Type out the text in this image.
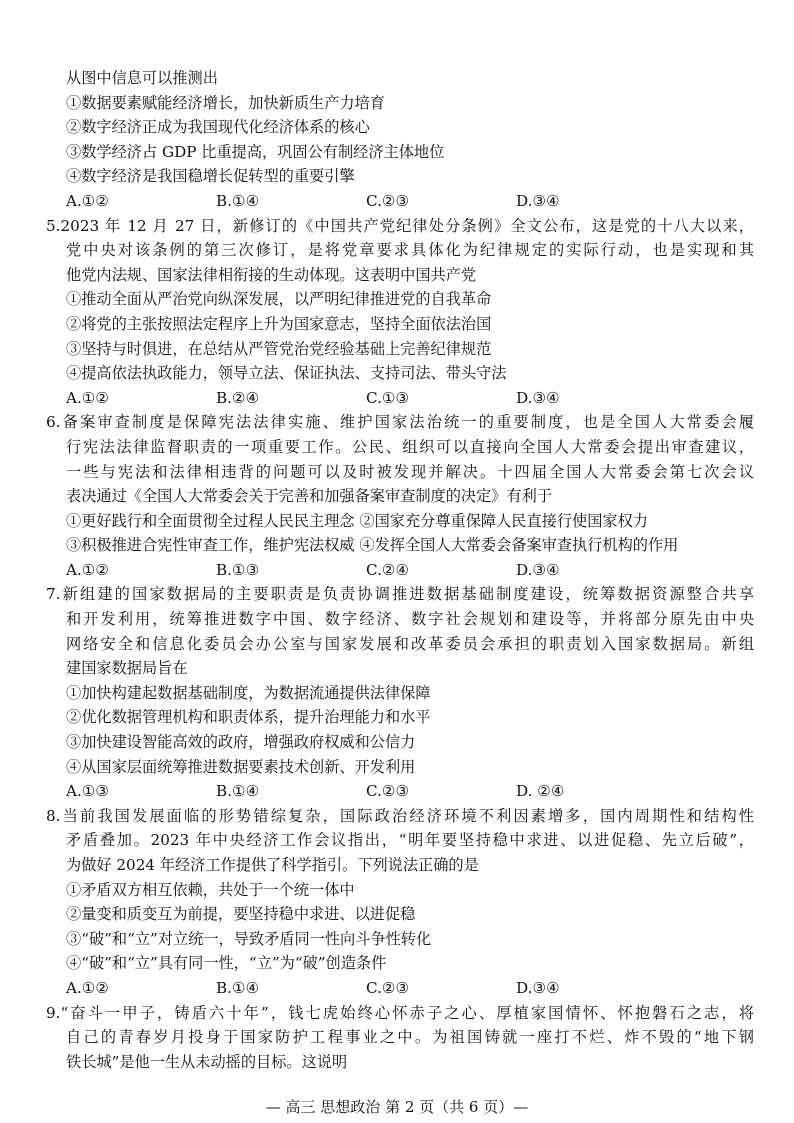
从图中信息可以推测出
①数据要素赋能经济增长，加快新质生产力培育
②数字经济正成为我国现代化经济体系的核心
③数学经济占 GDP 比重提高，巩固公有制经济主体地位
④数字经济是我国稳增长促转型的重要引擎
A.①②	B.①④	C.②③	D.③④
5.2023 年 12 月 27 日，新修订的《中国共产党纪律处分条例》全文公布，这是党的十八大以来，
党中央对该条例的第三次修订，是将党章要求具体化为纪律规定的实际行动，也是实现和其
他党内法规、国家法律相衔接的生动体现。这表明中国共产党
①推动全面从严治党向纵深发展，以严明纪律推进党的自我革命
②将党的主张按照法定程序上升为国家意志，坚持全面依法治国
③坚持与时俱进，在总结从严管党治党经验基础上完善纪律规范
④提高依法执政能力，领导立法、保证执法、支持司法、带头守法
A.①②	B.②④	C.①③	D.③④
6.备案审查制度是保障宪法法律实施、维护国家法治统一的重要制度，也是全国人大常委会履
行宪法法律监督职责的一项重要工作。公民、组织可以直接向全国人大常委会提出审查建议，
一些与宪法和法律相违背的问题可以及时被发现并解决。十四届全国人大常委会第七次会议
表决通过《全国人大常委会关于完善和加强备案审查制度的决定》有利于
①更好践行和全面贯彻全过程人民民主理念 ②国家充分尊重保障人民直接行使国家权力
③积极推进合宪性审查工作，维护宪法权威 ④发挥全国人大常委会备案审查执行机构的作用
A.①②	B.①③	C.②④	D.③④
7.新组建的国家数据局的主要职责是负责协调推进数据基础制度建设，统筹数据资源整合共享
和开发利用，统筹推进数字中国、数字经济、数字社会规划和建设等，并将部分原先由中央
网络安全和信息化委员会办公室与国家发展和改革委员会承担的职责划入国家数据局。新组
建国家数据局旨在
①加快构建起数据基础制度，为数据流通提供法律保障
②优化数据管理机构和职责体系，提升治理能力和水平
③加快建设智能高效的政府，增强政府权威和公信力
④从国家层面统筹推进数据要素技术创新、开发利用
A.①③	B.①④	C.②③	D. ②④
8.当前我国发展面临的形势错综复杂，国际政治经济环境不利因素增多，国内周期性和结构性
矛盾叠加。2023 年中央经济工作会议指出，“明年要坚持稳中求进、以进促稳、先立后破”，
为做好 2024 年经济工作提供了科学指引。下列说法正确的是
①矛盾双方相互依赖，共处于一个统一体中
②量变和质变互为前提，要坚持稳中求进、以进促稳
③“破”和“立”对立统一，导致矛盾同一性向斗争性转化
④“破”和“立”具有同一性，“立”为“破”创造条件
A.①②	B.①④	C.②③	D.③④
9.“奋斗一甲子，铸盾六十年”，钱七虎始终心怀赤子之心、厚植家国情怀、怀抱磐石之志，将
自己的青春岁月投身于国家防护工程事业之中。为祖国铸就一座打不烂、炸不毁的“地下钢
铁长城”是他一生从未动摇的目标。这说明
— 高三 思想政治 第 2 页（共 6 页）—
